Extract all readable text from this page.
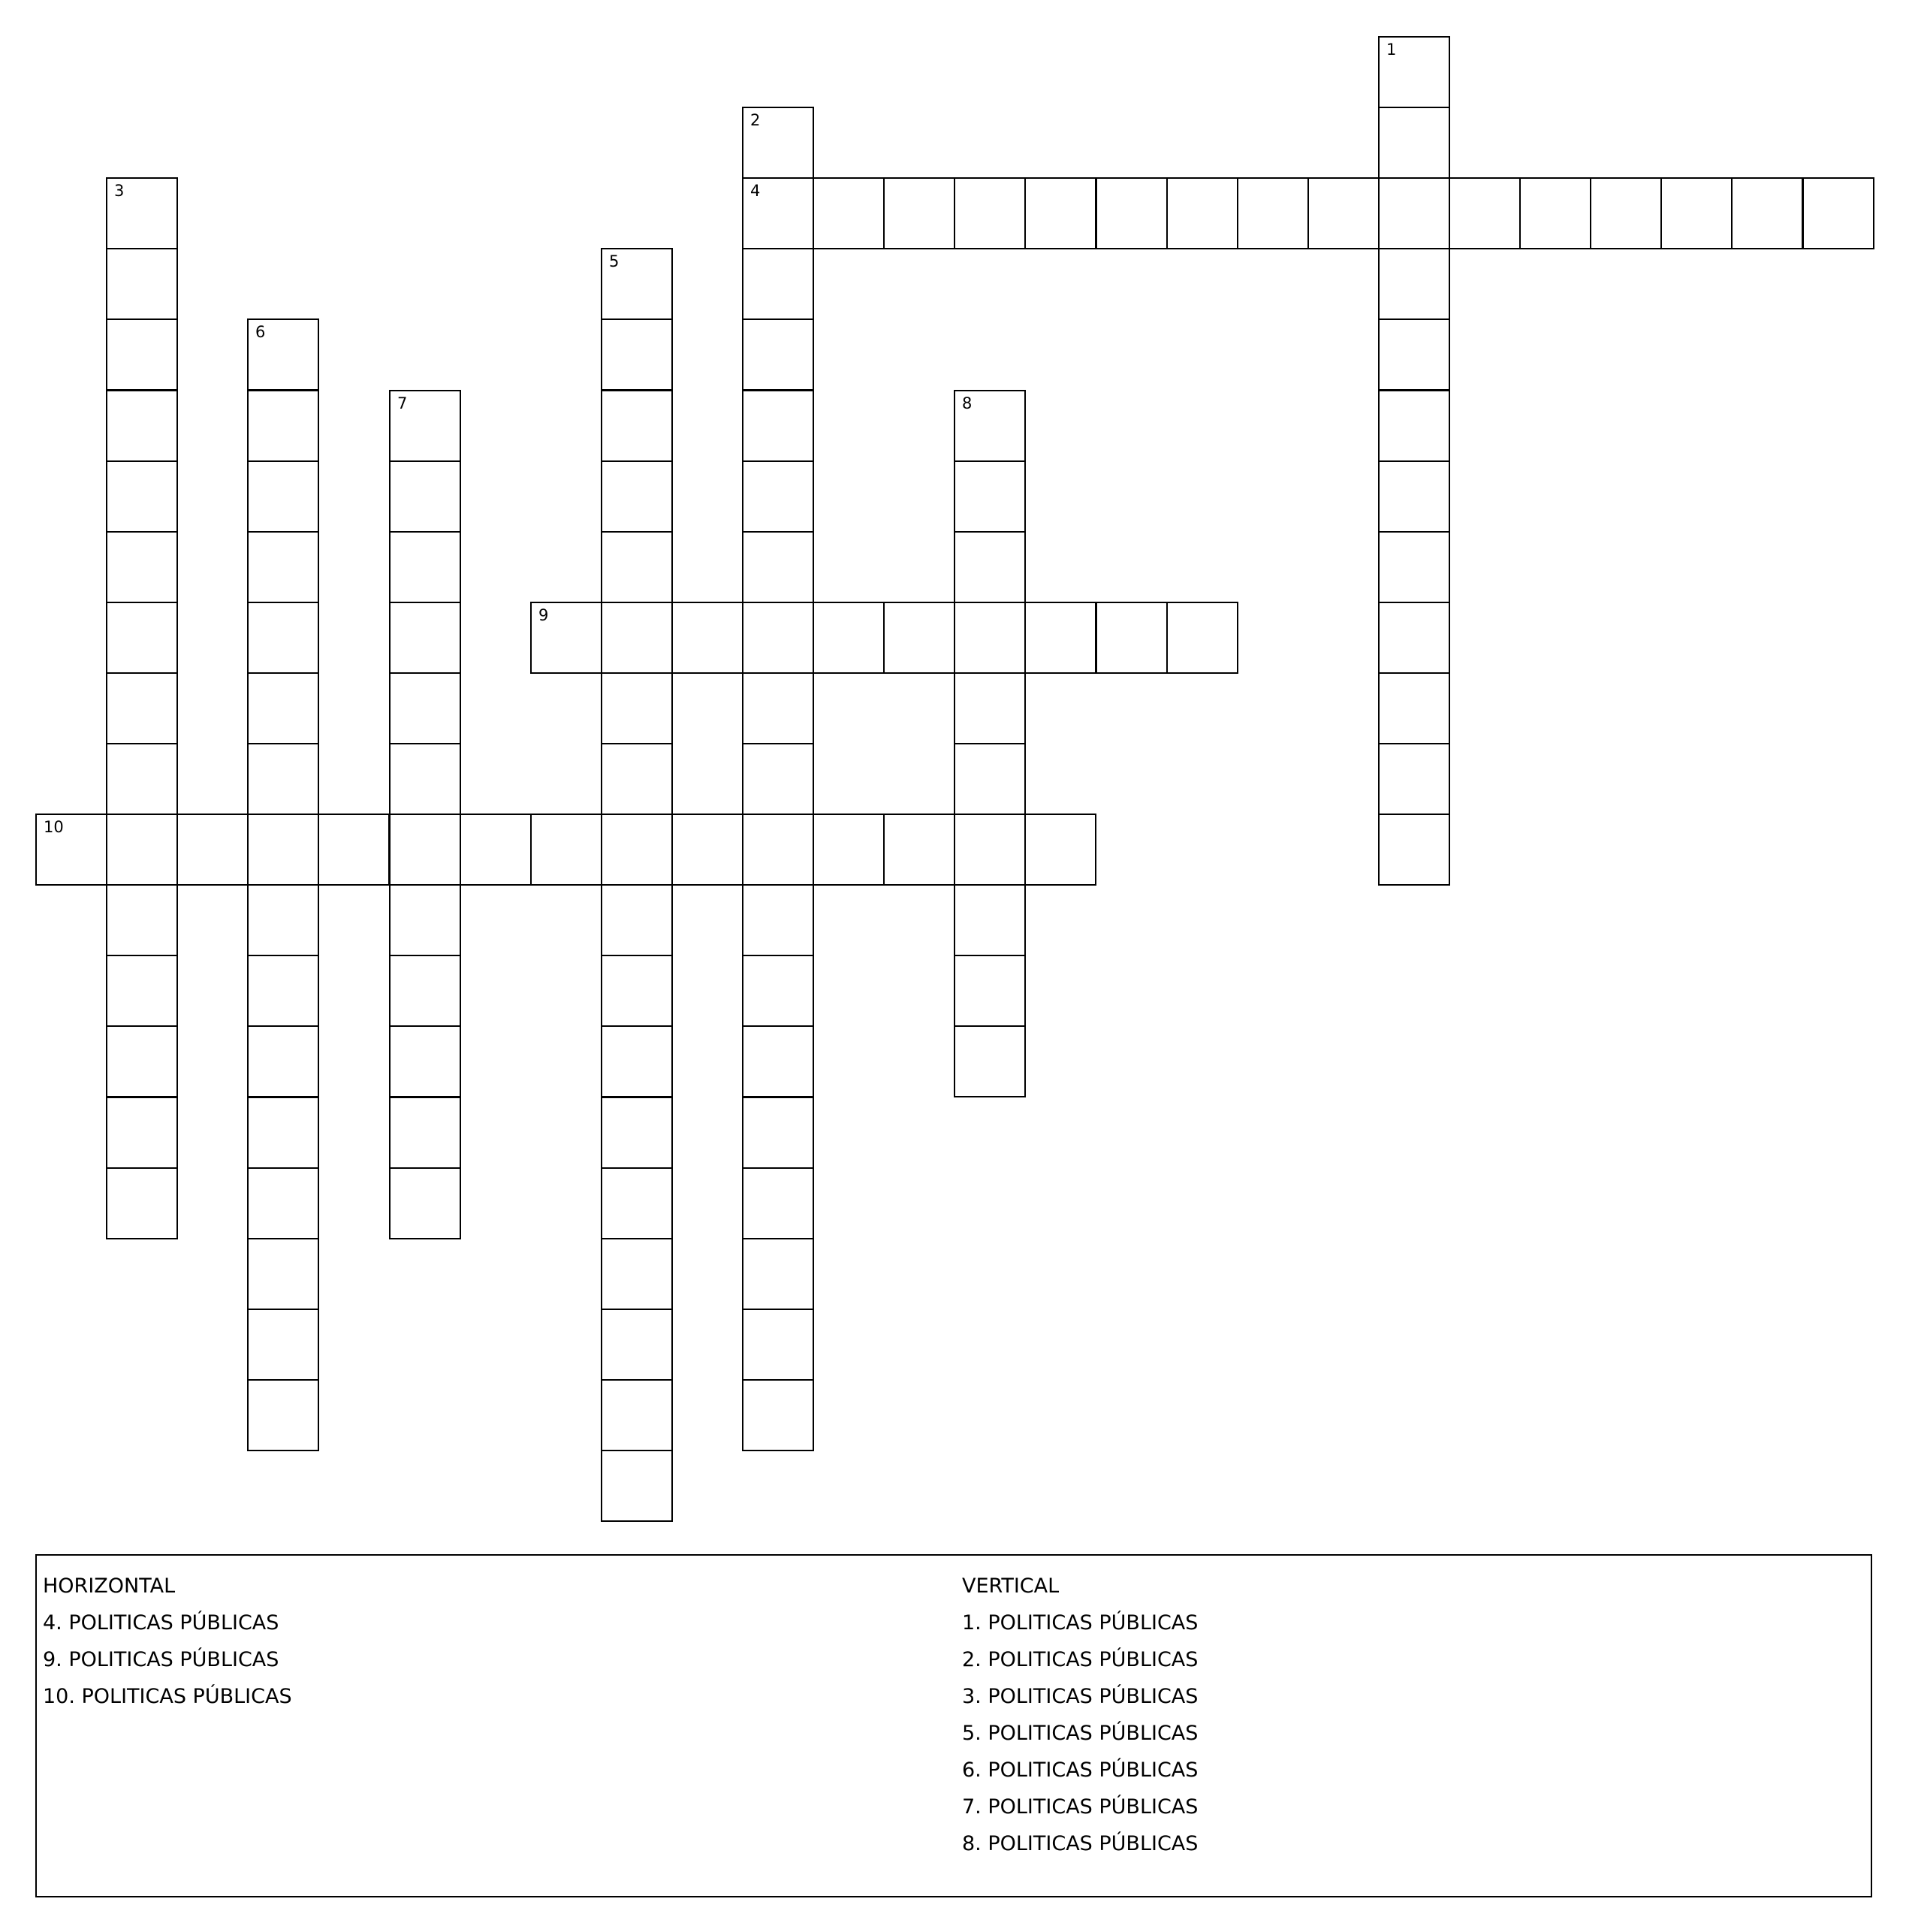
1
2
4
3
5
6
7	8
9
10
HORIZONTAL
4. POLITICAS PÚBLICAS
9. POLITICAS PÚBLICAS
10. POLITICAS PÚBLICAS
VERTICAL
1. POLITICAS PÚBLICAS
2. POLITICAS PÚBLICAS
3. POLITICAS PÚBLICAS
5. POLITICAS PÚBLICAS
6. POLITICAS PÚBLICAS
7. POLITICAS PÚBLICAS
8. POLITICAS PÚBLICAS
